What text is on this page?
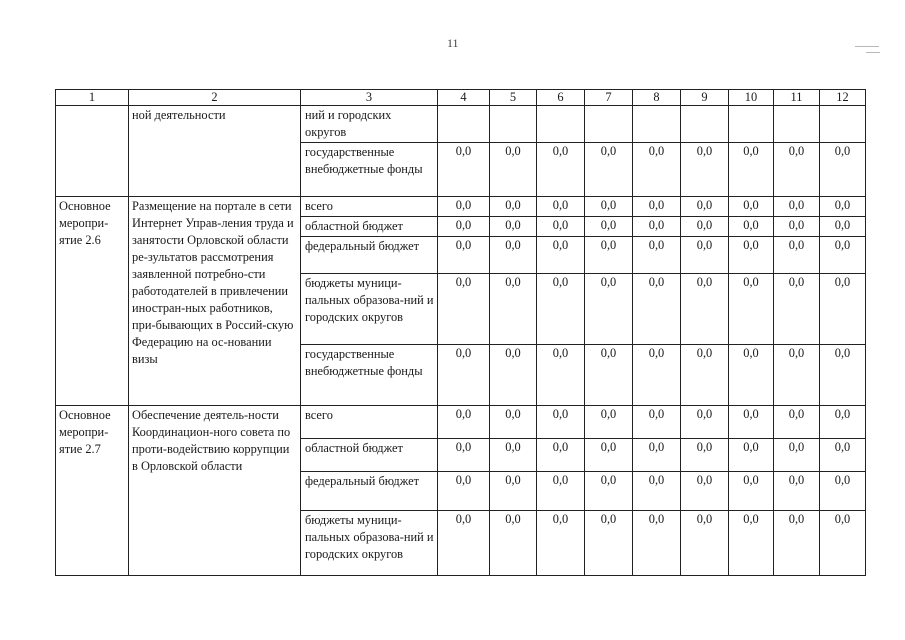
11
1	2	3	4	5	6	7	8	9	10	11	12
	ной деятельности	ний и городских округов									
		государственные внебюджетные фонды	0,0	0,0	0,0	0,0	0,0	0,0	0,0	0,0	0,0
Основное меропри-ятие 2.6	Размещение на портале в сети Интернет Управ-ления труда и занятости Орловской области ре-зультатов рассмотрения заявленной потребно-сти работодателей в привлечении иностран-ных работников, при-бывающих в Россий-скую Федерацию на ос-новании визы	всего	0,0	0,0	0,0	0,0	0,0	0,0	0,0	0,0	0,0
		областной бюджет	0,0	0,0	0,0	0,0	0,0	0,0	0,0	0,0	0,0
		федеральный бюджет	0,0	0,0	0,0	0,0	0,0	0,0	0,0	0,0	0,0
		бюджеты муници-пальных образова-ний и городских округов	0,0	0,0	0,0	0,0	0,0	0,0	0,0	0,0	0,0
		государственные внебюджетные фонды	0,0	0,0	0,0	0,0	0,0	0,0	0,0	0,0	0,0
Основное меропри-ятие 2.7	Обеспечение деятель-ности Координацион-ного совета по проти-водействию коррупции в Орловской области	всего	0,0	0,0	0,0	0,0	0,0	0,0	0,0	0,0	0,0
		областной бюджет	0,0	0,0	0,0	0,0	0,0	0,0	0,0	0,0	0,0
		федеральный бюджет	0,0	0,0	0,0	0,0	0,0	0,0	0,0	0,0	0,0
		бюджеты муници-пальных образова-ний и городских округов	0,0	0,0	0,0	0,0	0,0	0,0	0,0	0,0	0,0
